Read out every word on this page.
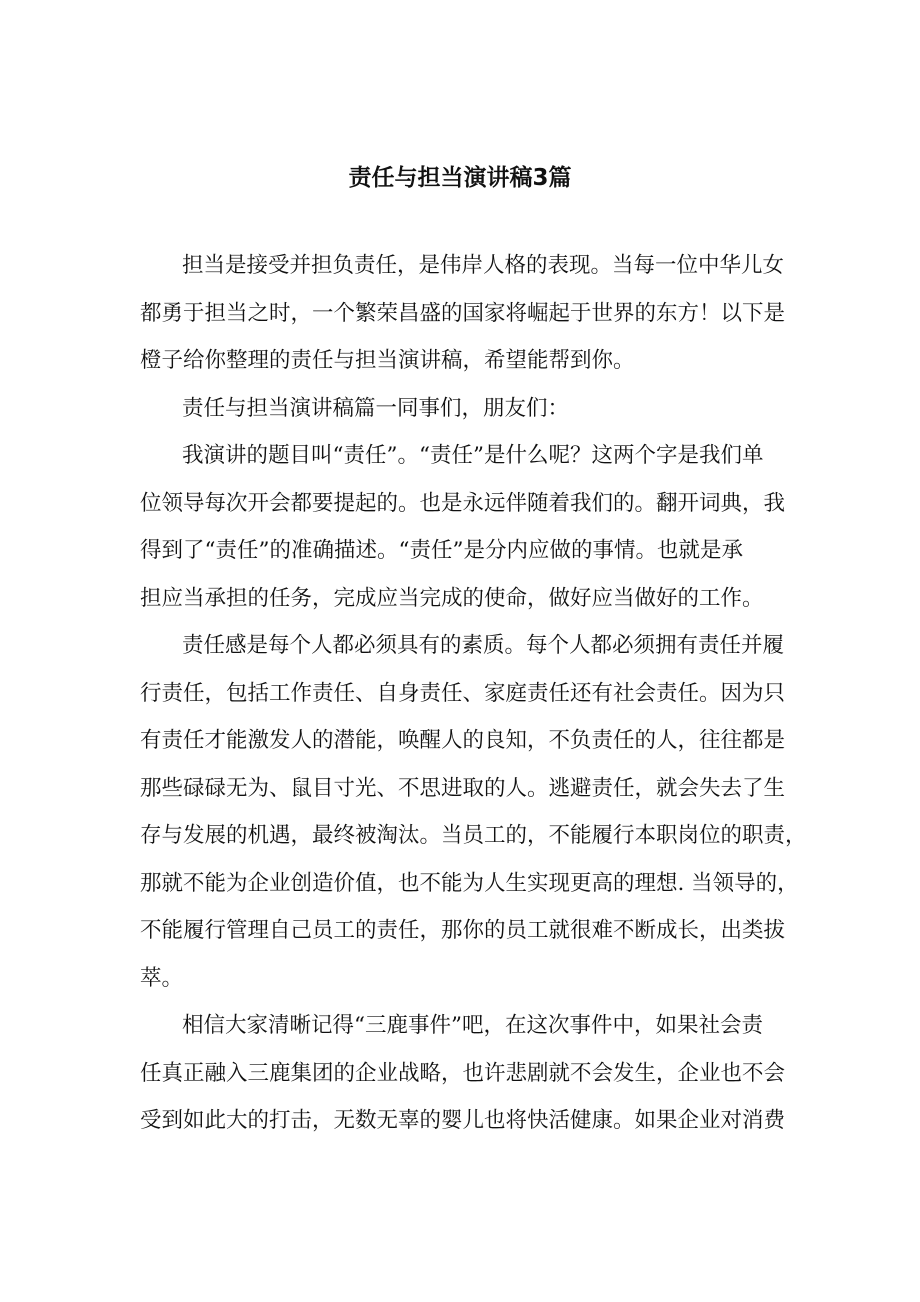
责任与担当演讲稿3篇
担当是接受并担负责任，是伟岸人格的表现。当每一位中华儿女
都勇于担当之时，一个繁荣昌盛的国家将崛起于世界的东方！以下是
橙子给你整理的责任与担当演讲稿，希望能帮到你。
责任与担当演讲稿篇一同事们，朋友们：
我演讲的题目叫“责任”。“责任”是什么呢？这两个字是我们单
位领导每次开会都要提起的。也是永远伴随着我们的。翻开词典，我
得到了“责任”的准确描述。“责任”是分内应做的事情。也就是承
担应当承担的任务，完成应当完成的使命，做好应当做好的工作。
责任感是每个人都必须具有的素质。每个人都必须拥有责任并履
行责任，包括工作责任、自身责任、家庭责任还有社会责任。因为只
有责任才能激发人的潜能，唤醒人的良知，不负责任的人，往往都是
那些碌碌无为、鼠目寸光、不思进取的人。逃避责任，就会失去了生
存与发展的机遇，最终被淘汰。当员工的，不能履行本职岗位的职责，
那就不能为企业创造价值，也不能为人生实现更高的理想. 当领导的，
不能履行管理自己员工的责任，那你的员工就很难不断成长，出类拔
萃。
相信大家清晰记得“三鹿事件”吧，在这次事件中，如果社会责
任真正融入三鹿集团的企业战略，也许悲剧就不会发生，企业也不会
受到如此大的打击，无数无辜的婴儿也将快活健康。如果企业对消费
